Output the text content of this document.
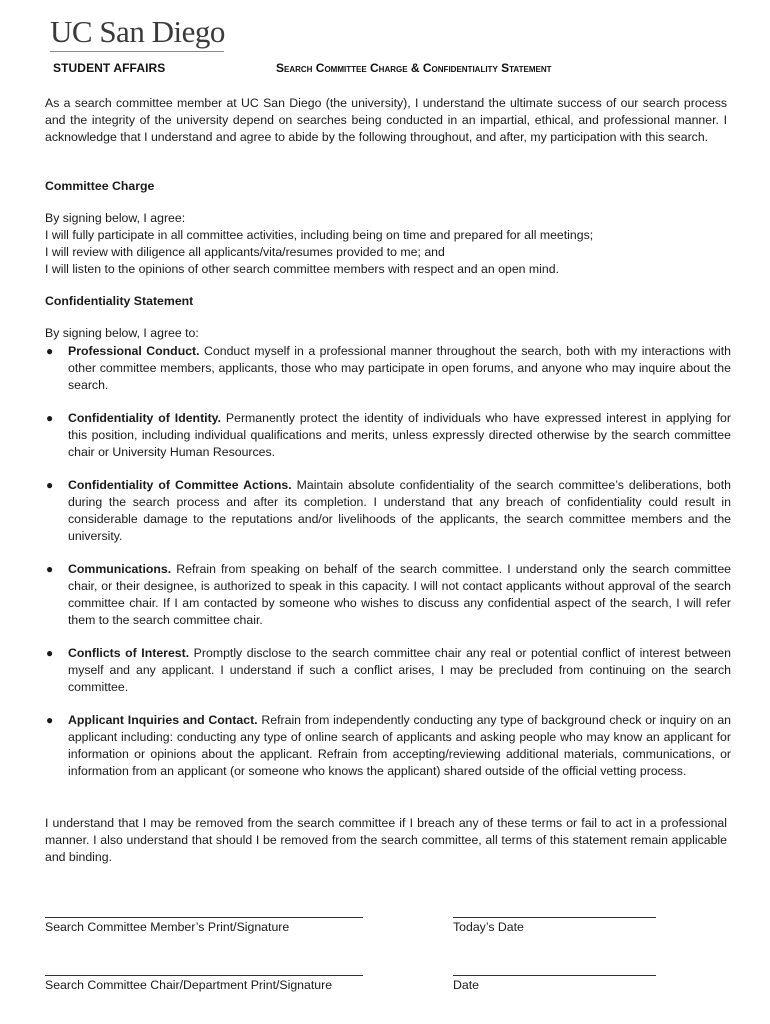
UC San Diego
STUDENT AFFAIRS	Search Committee Charge & Confidentiality Statement
As a search committee member at UC San Diego (the university), I understand the ultimate success of our search process and the integrity of the university depend on searches being conducted in an impartial, ethical, and professional manner. I acknowledge that I understand and agree to abide by the following throughout, and after, my participation with this search.
Committee Charge
By signing below, I agree:
I will fully participate in all committee activities, including being on time and prepared for all meetings;
I will review with diligence all applicants/vita/resumes provided to me; and
I will listen to the opinions of other search committee members with respect and an open mind.
Confidentiality Statement
By signing below, I agree to:
● Professional Conduct. Conduct myself in a professional manner throughout the search, both with my interactions with other committee members, applicants, those who may participate in open forums, and anyone who may inquire about the search.
● Confidentiality of Identity. Permanently protect the identity of individuals who have expressed interest in applying for this position, including individual qualifications and merits, unless expressly directed otherwise by the search committee chair or University Human Resources.
● Confidentiality of Committee Actions. Maintain absolute confidentiality of the search committee’s deliberations, both during the search process and after its completion. I understand that any breach of confidentiality could result in considerable damage to the reputations and/or livelihoods of the applicants, the search committee members and the university.
● Communications. Refrain from speaking on behalf of the search committee. I understand only the search committee chair, or their designee, is authorized to speak in this capacity. I will not contact applicants without approval of the search committee chair. If I am contacted by someone who wishes to discuss any confidential aspect of the search, I will refer them to the search committee chair.
● Conflicts of Interest. Promptly disclose to the search committee chair any real or potential conflict of interest between myself and any applicant. I understand if such a conflict arises, I may be precluded from continuing on the search committee.
● Applicant Inquiries and Contact. Refrain from independently conducting any type of background check or inquiry on an applicant including: conducting any type of online search of applicants and asking people who may know an applicant for information or opinions about the applicant. Refrain from accepting/reviewing additional materials, communications, or information from an applicant (or someone who knows the applicant) shared outside of the official vetting process.
I understand that I may be removed from the search committee if I breach any of these terms or fail to act in a professional manner. I also understand that should I be removed from the search committee, all terms of this statement remain applicable and binding.
Search Committee Member’s Print/Signature	Today’s Date
Search Committee Chair/Department Print/Signature	Date
